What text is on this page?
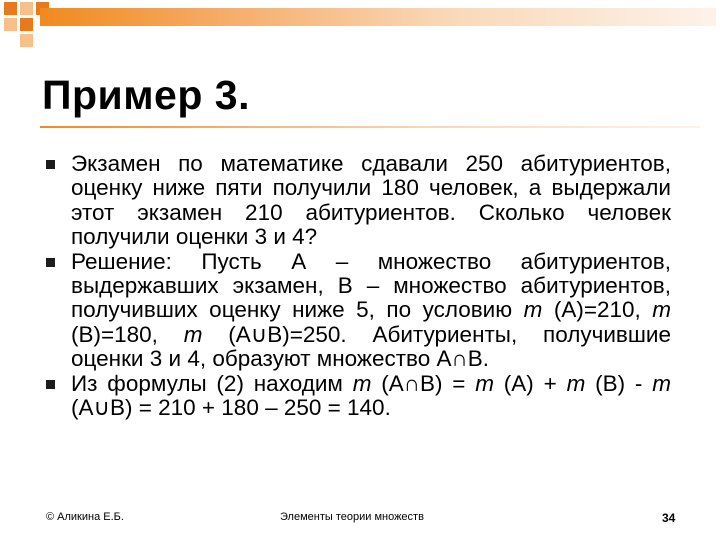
Пример 3.
Экзамен по математике сдавали 250 абитуриентов, оценку ниже пяти получили 180 человек, а выдержали этот экзамен 210 абитуриентов. Сколько человек получили оценки 3 и 4?
Решение: Пусть А – множество абитуриентов, выдержавших экзамен, В – множество абитуриентов, получивших оценку ниже 5, по условию m (А)=210, m (В)=180, m (А∪В)=250. Абитуриенты, получившие оценки 3 и 4, образуют множество А∩В.
Из формулы (2) находим m (А∩В) = m (А) + m (В) - m (А∪В) = 210 + 180 – 250 = 140.
© Аликина Е.Б.	Элементы теории множеств	34
